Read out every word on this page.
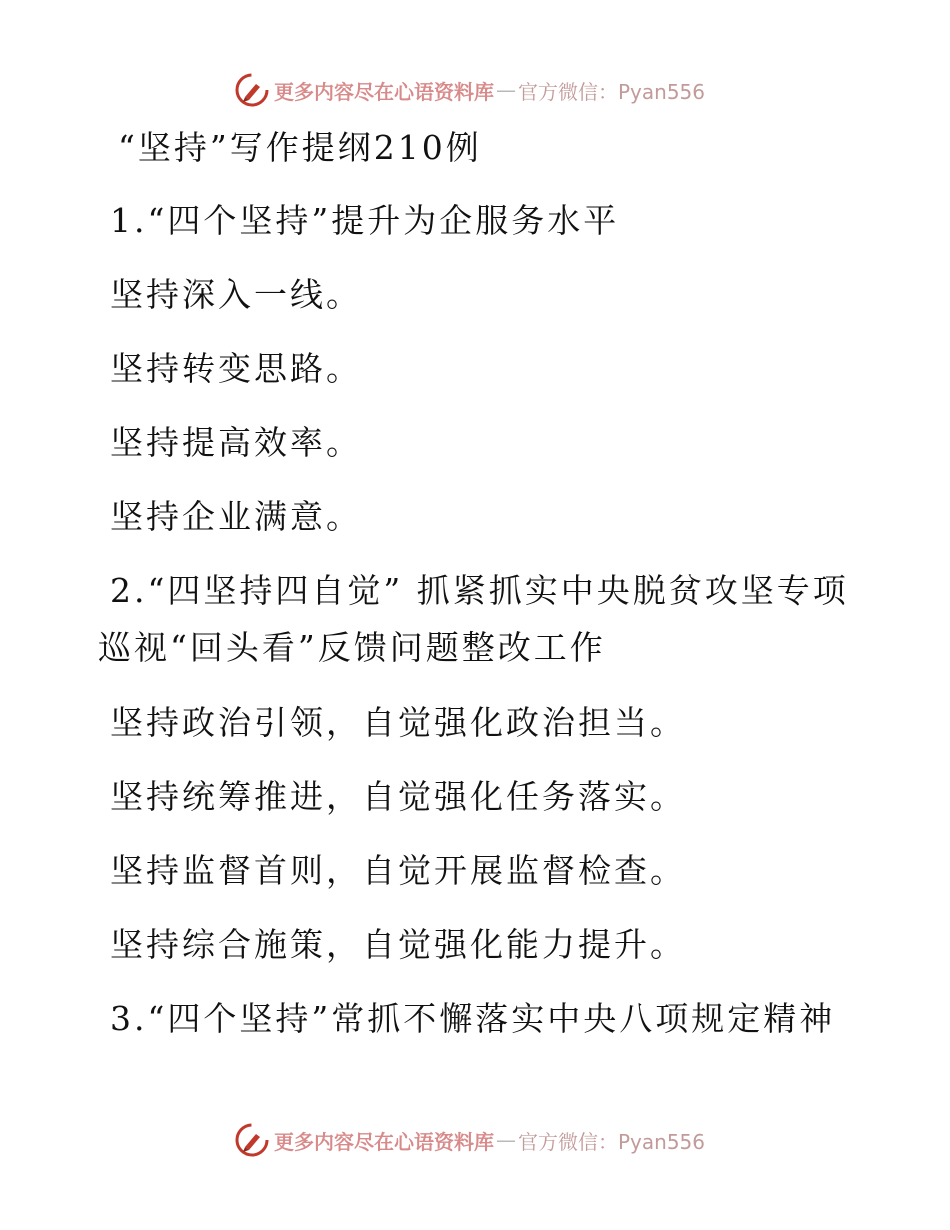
更多内容尽在心语资料库 — 官方微信：Pyan556
“坚持”写作提纲210例
1.“四个坚持”提升为企服务水平
坚持深入一线。
坚持转变思路。
坚持提高效率。
坚持企业满意。
2.“四坚持四自觉” 抓紧抓实中央脱贫攻坚专项
巡视“回头看”反馈问题整改工作
坚持政治引领，自觉强化政治担当。
坚持统筹推进，自觉强化任务落实。
坚持监督首则，自觉开展监督检查。
坚持综合施策，自觉强化能力提升。
3.“四个坚持”常抓不懈落实中央八项规定精神
更多内容尽在心语资料库 — 官方微信：Pyan556
